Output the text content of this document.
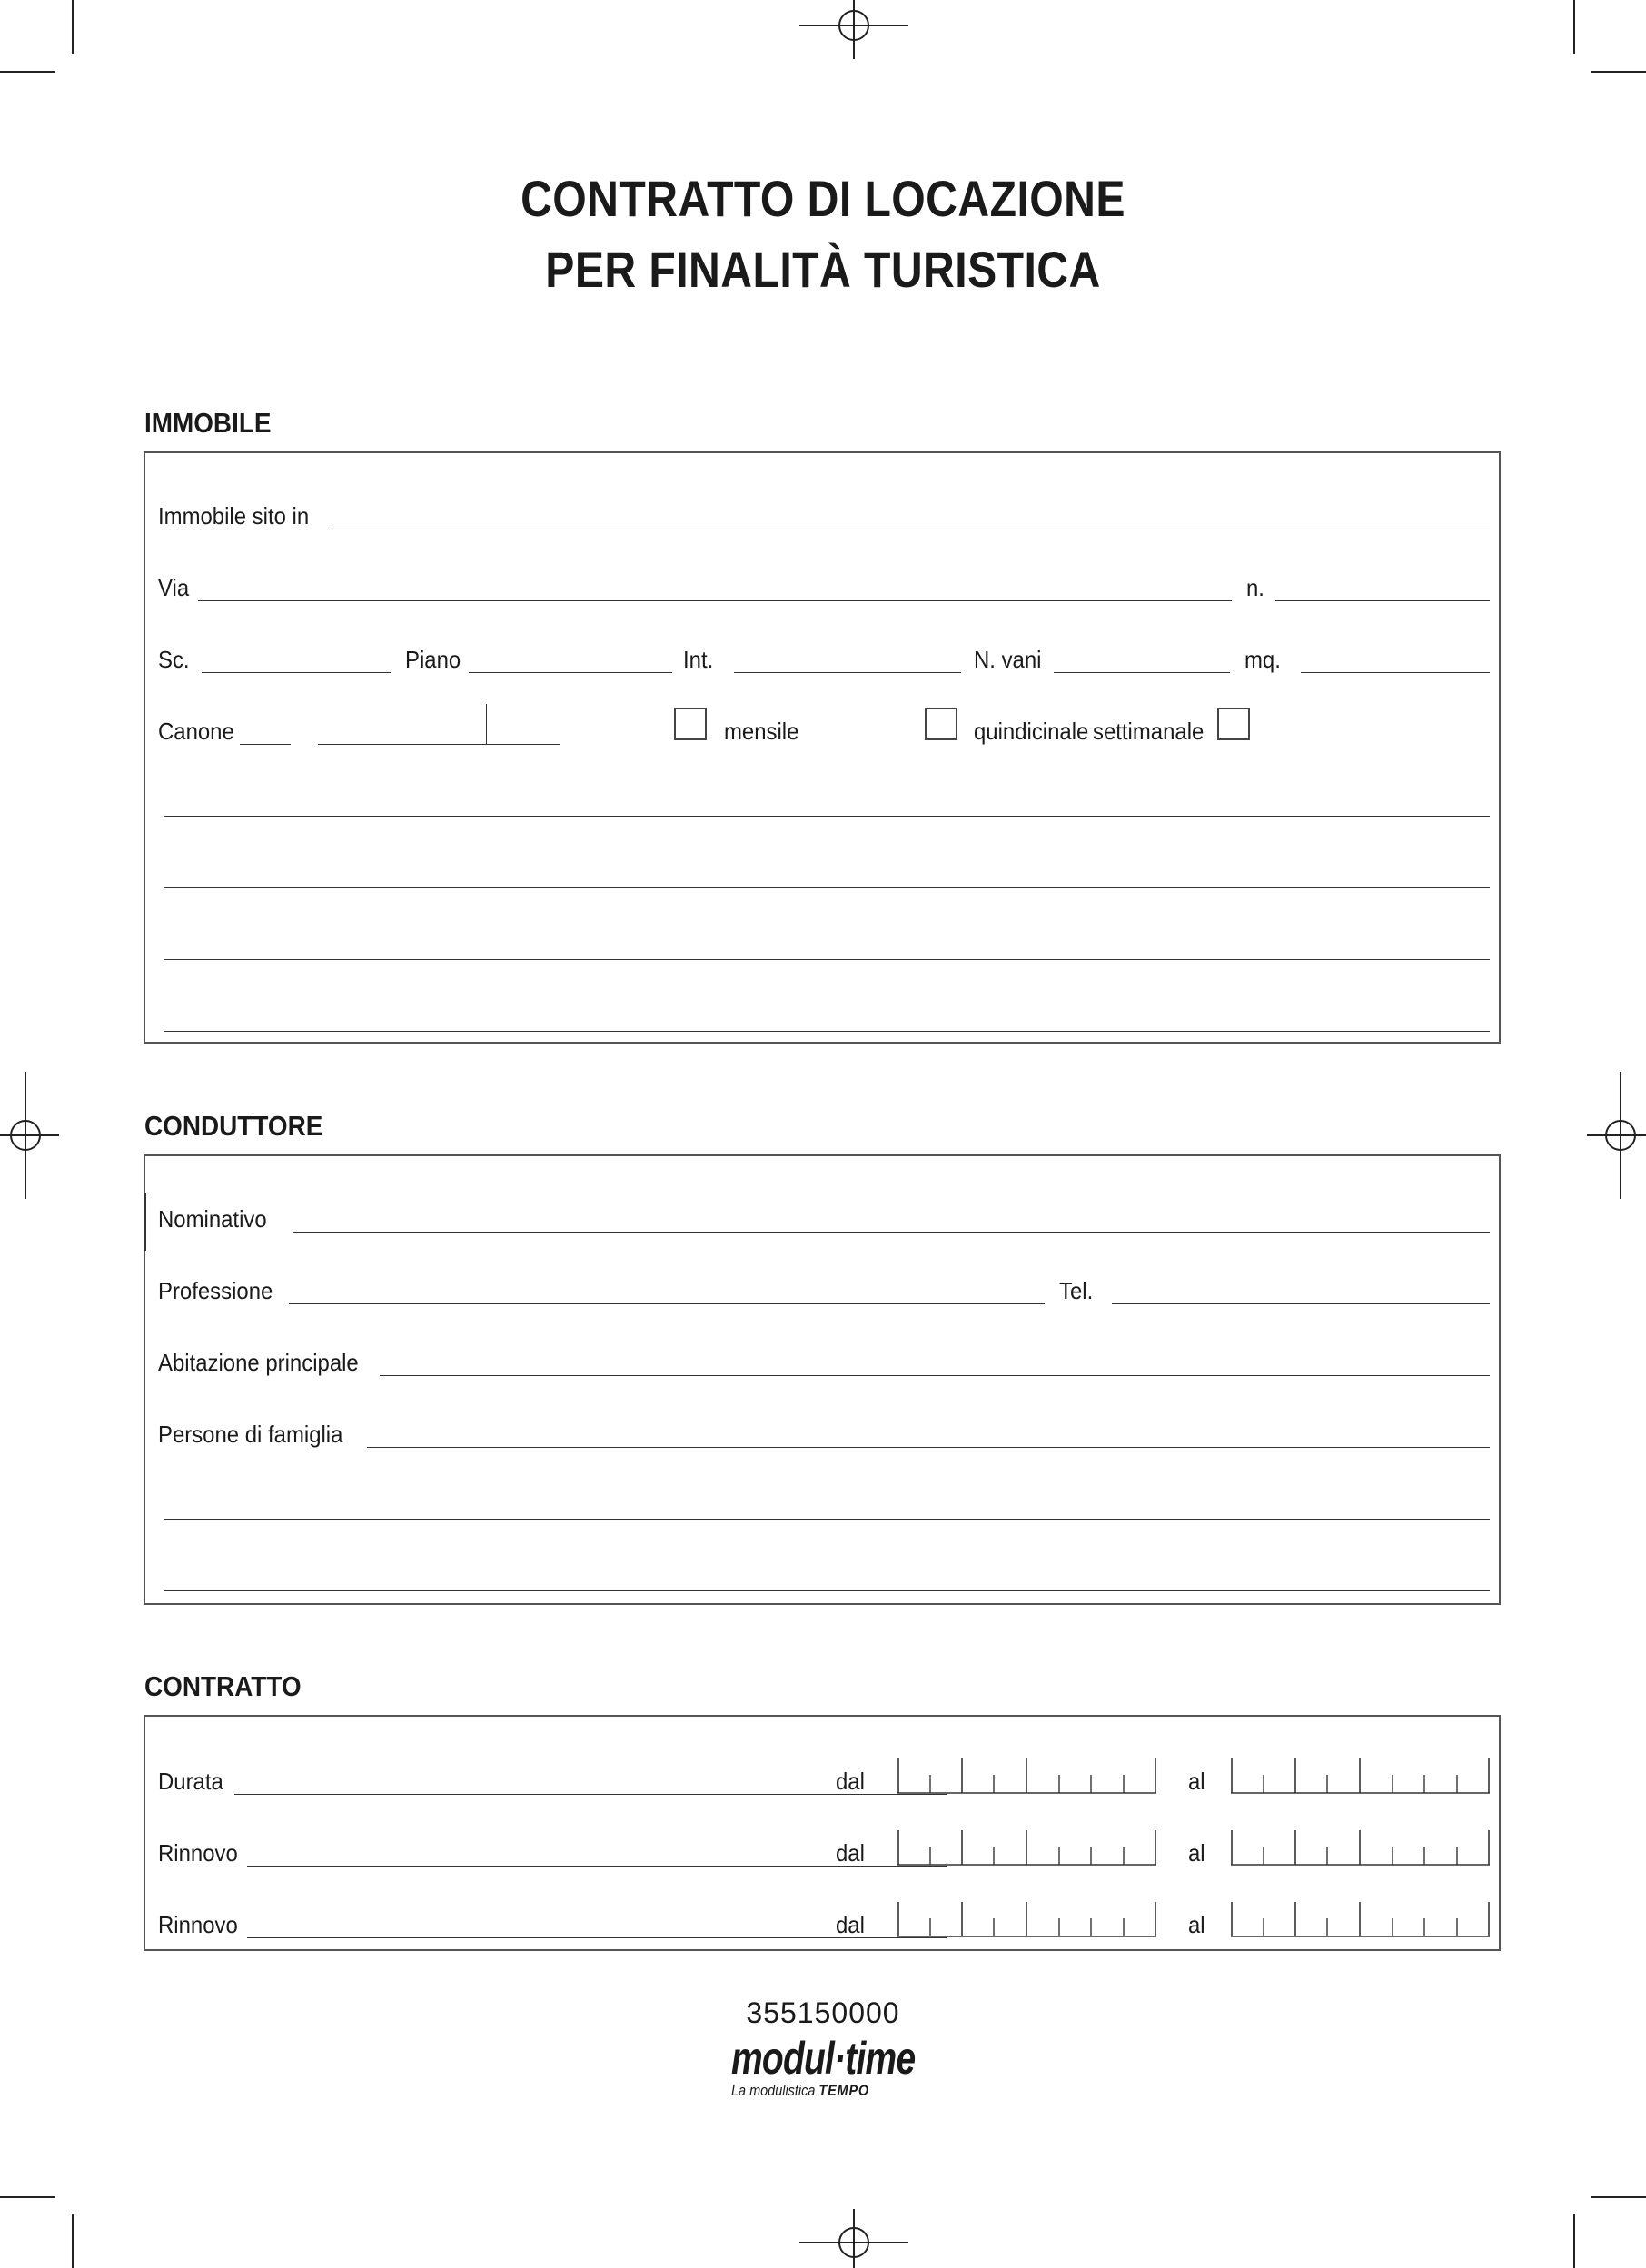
CONTRATTO DI LOCAZIONE
PER FINALITÀ TURISTICA
IMMOBILE
Immobile sito in
Via	n.
Sc.	Piano	Int.	N. vani	mq.
Canone	mensile	quindicinale settimanale
CONDUTTORE
Nominativo
Professione	Tel.
Abitazione principale
Persone di famiglia
CONTRATTO
Durata	dal	al
Rinnovo	dal	al
Rinnovo	dal	al
355150000
modul·time
La modulistica TEMPO
